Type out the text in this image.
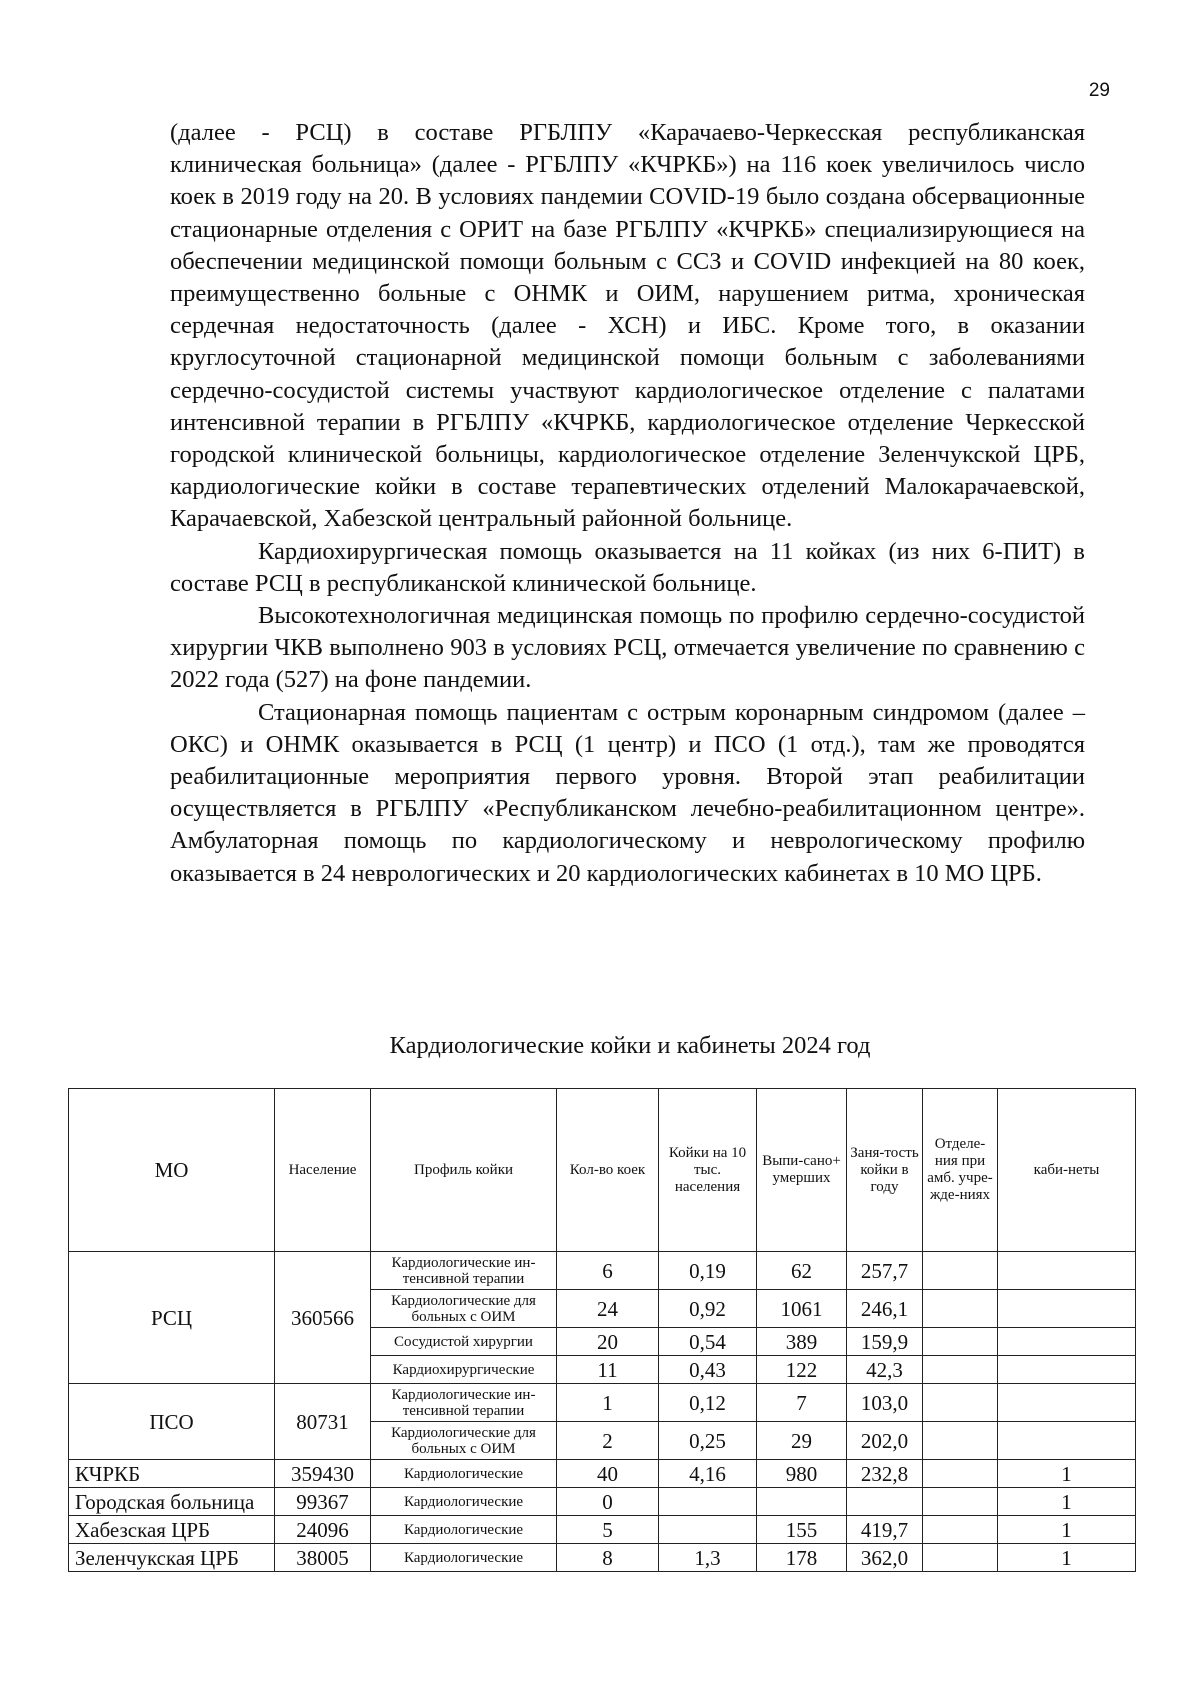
29

(далее - РСЦ) в составе РГБЛПУ «Карачаево-Черкесская республиканская клиническая больница» (далее - РГБЛПУ «КЧРКБ») на 116 коек увеличилось число коек в 2019 году на 20. В условиях пандемии COVID-19 было создана обсервационные стационарные отделения с ОРИТ на базе РГБЛПУ «КЧРКБ» специализирующиеся на обеспечении медицинской помощи больным с ССЗ и COVID инфекцией на 80 коек, преимущественно больные с ОНМК и ОИМ, нарушением ритма, хроническая сердечная недостаточность (далее - ХСН) и ИБС. Кроме того, в оказании круглосуточной стационарной медицинской помощи больным с заболеваниями сердечно-сосудистой системы участвуют кардиологическое отделение с палатами интенсивной терапии в РГБЛПУ «КЧРКБ, кардиологическое отделение Черкесской городской клинической больницы, кардиологическое отделение Зеленчукской ЦРБ, кардиологические койки в составе терапевтических отделений Малокарачаевской, Карачаевской, Хабезской центральный районной больнице.

Кардиохирургическая помощь оказывается на 11 койках (из них 6-ПИТ) в составе РСЦ в республиканской клинической больнице.

Высокотехнологичная медицинская помощь по профилю сердечно-сосудистой хирургии ЧКВ выполнено 903 в условиях РСЦ, отмечается увеличение по сравнению с 2022 года (527) на фоне пандемии.

Стационарная помощь пациентам с острым коронарным синдромом (далее – ОКС) и ОНМК оказывается в РСЦ (1 центр) и ПСО (1 отд.), там же проводятся реабилитационные мероприятия первого уровня. Второй этап реабилитации осуществляется в РГБЛПУ «Республиканском лечебно-реабилитационном центре». Амбулаторная помощь по кардиологическому и неврологическому профилю оказывается в 24 неврологических и 20 кардиологических кабинетах в 10 МО ЦРБ.

Кардиологические койки и кабинеты 2024 год
МО	Население	Профиль койки	Кол-во коек	Койки на 10 тыс. населения	Выпи-сано+ умерших	Заня-тость койки в году	Отделе-ния при амб. учре-жде-ниях	каби-неты
РСЦ	360566	Кардиологические ин-тенсивной терапии	6	0,19	62	257,7		
		Кардиологические для больных с ОИМ	24	0,92	1061	246,1		
		Сосудистой хирургии	20	0,54	389	159,9		
		Кардиохирургические	11	0,43	122	42,3		
ПСО	80731	Кардиологические ин-тенсивной терапии	1	0,12	7	103,0		
		Кардиологические для больных с ОИМ	2	0,25	29	202,0		
КЧРКБ	359430	Кардиологические	40	4,16	980	232,8		1
Городская больница	99367	Кардиологические	0					1
Хабезская ЦРБ	24096	Кардиологические	5		155	419,7		1
Зеленчукская ЦРБ	38005	Кардиологические	8	1,3	178	362,0		1
